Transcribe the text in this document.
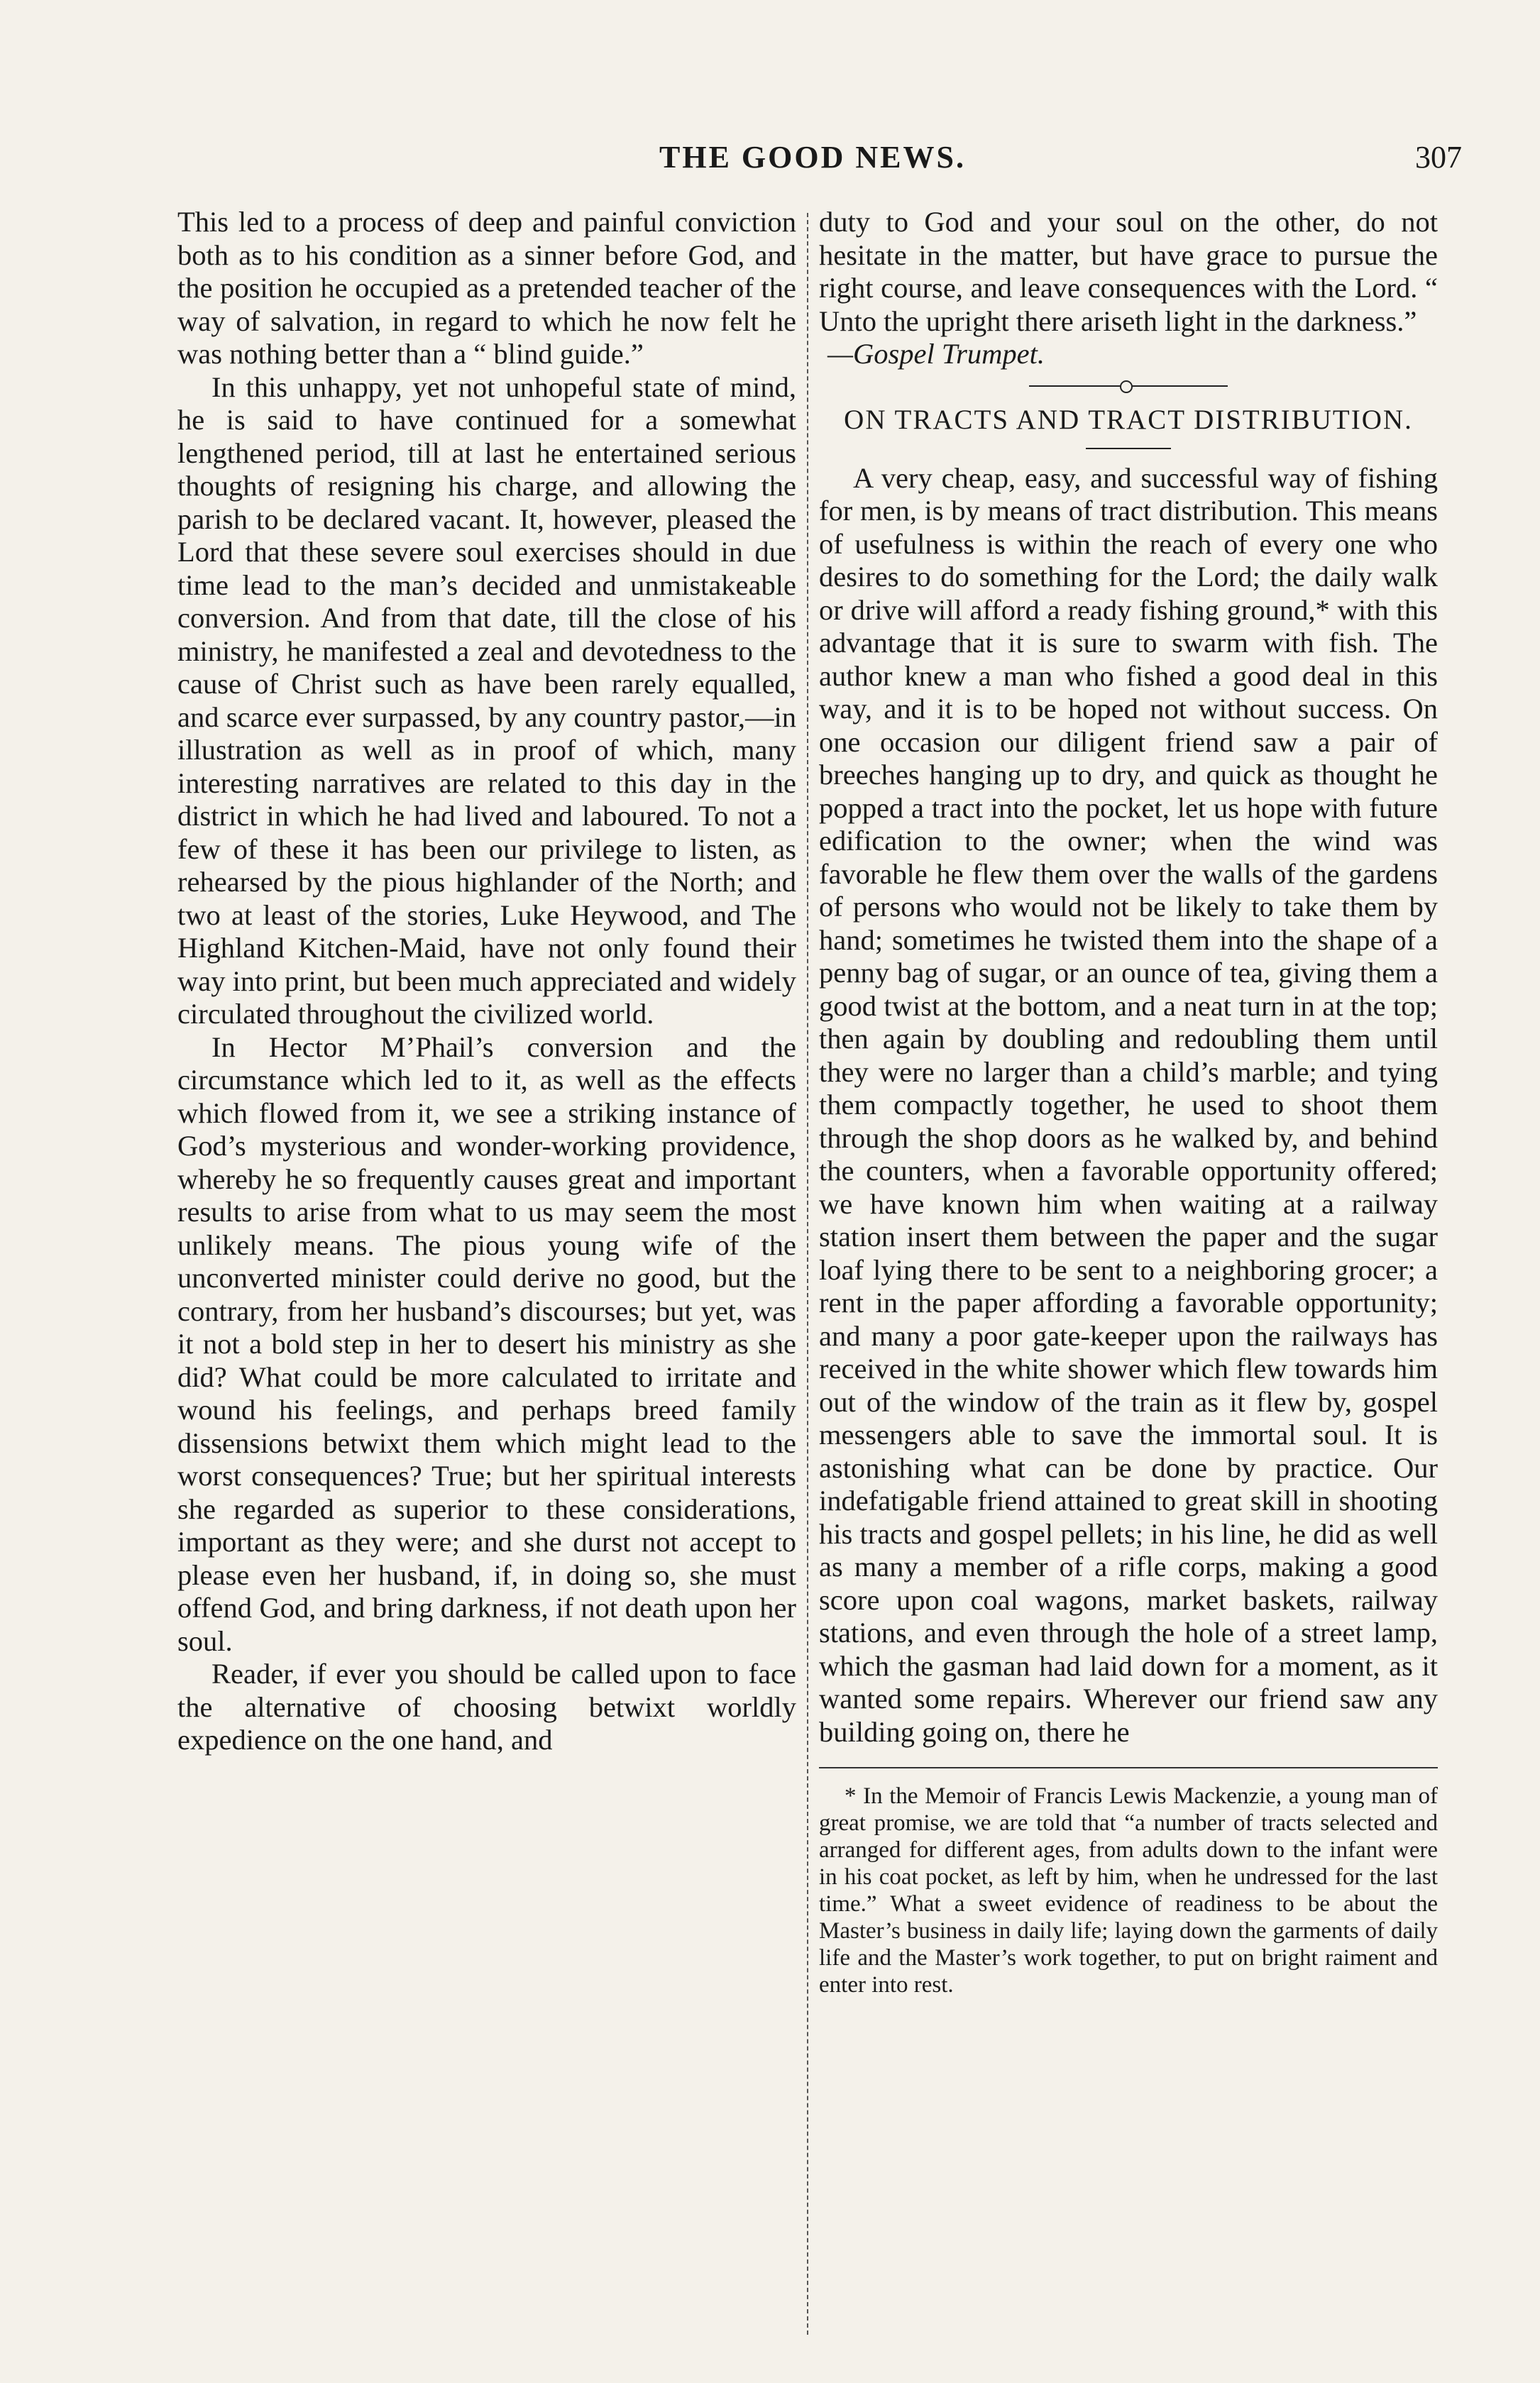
THE GOOD NEWS.	307

This led to a process of deep and painful conviction both as to his condition as a sinner before God, and the position he occupied as a pretended teacher of the way of salvation, in regard to which he now felt he was nothing better than a “ blind guide.”

In this unhappy, yet not unhopeful state of mind, he is said to have continued for a somewhat lengthened period, till at last he entertained serious thoughts of resigning his charge, and allowing the parish to be declared vacant. It, however, pleased the Lord that these severe soul exercises should in due time lead to the man’s decided and unmistakeable conversion. And from that date, till the close of his ministry, he manifested a zeal and devotedness to the cause of Christ such as have been rarely equalled, and scarce ever surpassed, by any country pastor,—in illustration as well as in proof of which, many interesting narratives are related to this day in the district in which he had lived and laboured. To not a few of these it has been our privilege to listen, as rehearsed by the pious highlander of the North; and two at least of the stories, Luke Heywood, and The Highland Kitchen-Maid, have not only found their way into print, but been much appreciated and widely circulated throughout the civilized world.

In Hector M’Phail’s conversion and the circumstance which led to it, as well as the effects which flowed from it, we see a striking instance of God’s mysterious and wonder-working providence, whereby he so frequently causes great and important results to arise from what to us may seem the most unlikely means. The pious young wife of the unconverted minister could derive no good, but the contrary, from her husband’s discourses; but yet, was it not a bold step in her to desert his ministry as she did? What could be more calculated to irritate and wound his feelings, and perhaps breed family dissensions betwixt them which might lead to the worst consequences? True; but her spiritual interests she regarded as superior to these considerations, important as they were; and she durst not accept to please even her husband, if, in doing so, she must offend God, and bring darkness, if not death upon her soul.

Reader, if ever you should be called upon to face the alternative of choosing betwixt worldly expedience on the one hand, and

duty to God and your soul on the other, do not hesitate in the matter, but have grace to pursue the right course, and leave consequences with the Lord. “ Unto the upright there ariseth light in the darkness.”

—Gospel Trumpet.

ON TRACTS AND TRACT DISTRIBUTION.

A very cheap, easy, and successful way of fishing for men, is by means of tract distribution. This means of usefulness is within the reach of every one who desires to do something for the Lord; the daily walk or drive will afford a ready fishing ground,* with this advantage that it is sure to swarm with fish. The author knew a man who fished a good deal in this way, and it is to be hoped not without success. On one occasion our diligent friend saw a pair of breeches hanging up to dry, and quick as thought he popped a tract into the pocket, let us hope with future edification to the owner; when the wind was favorable he flew them over the walls of the gardens of persons who would not be likely to take them by hand; sometimes he twisted them into the shape of a penny bag of sugar, or an ounce of tea, giving them a good twist at the bottom, and a neat turn in at the top; then again by doubling and redoubling them until they were no larger than a child’s marble; and tying them compactly together, he used to shoot them through the shop doors as he walked by, and behind the counters, when a favorable opportunity offered; we have known him when waiting at a railway station insert them between the paper and the sugar loaf lying there to be sent to a neighboring grocer; a rent in the paper affording a favorable opportunity; and many a poor gate-keeper upon the railways has received in the white shower which flew towards him out of the window of the train as it flew by, gospel messengers able to save the immortal soul. It is astonishing what can be done by practice. Our indefatigable friend attained to great skill in shooting his tracts and gospel pellets; in his line, he did as well as many a member of a rifle corps, making a good score upon coal wagons, market baskets, railway stations, and even through the hole of a street lamp, which the gasman had laid down for a moment, as it wanted some repairs. Wherever our friend saw any building going on, there he

* In the Memoir of Francis Lewis Mackenzie, a young man of great promise, we are told that “a number of tracts selected and arranged for different ages, from adults down to the infant were in his coat pocket, as left by him, when he undressed for the last time.” What a sweet evidence of readiness to be about the Master’s business in daily life; laying down the garments of daily life and the Master’s work together, to put on bright raiment and enter into rest.
